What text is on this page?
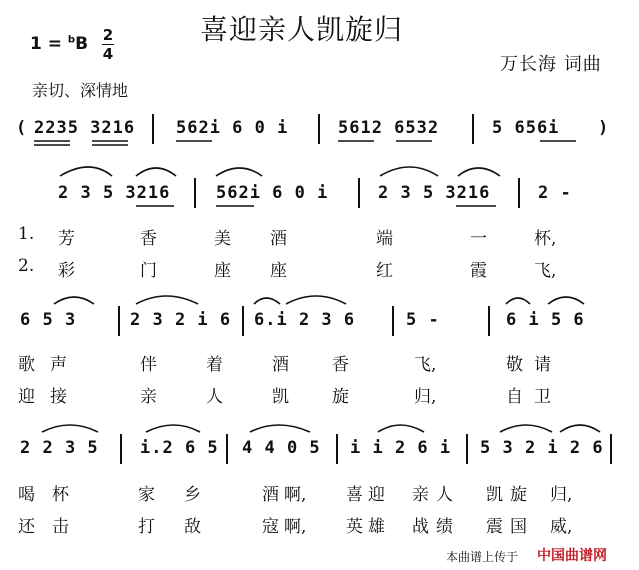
喜迎亲人凯旋归
1 = $^b$B 2
4
亲切、深情地
万长海 词曲
( 2235 3216 562i 6 0 i	5612 6532	5 656i )
2 3 5 3216	562i 6 0 i	2 3 5 3216	2 -
1. 芳	香	美 酒	端	一	杯,
2. 彩	门	座 座	红	霞	飞,
6 5 3	2 3 2 i 6 6.i 2 3 6	5 -	6 i 5 6
歌 声	伴	着	酒	香	飞,	敬 请
迎 接	亲	人	凯	旋	归,	自 卫
2 2 3 5 i.2 6 5 4 4 0 5 i i 2 6 i 5 3 2 i 2 6
喝 杯	家 乡	酒 啊, 喜 迎 亲 人 凯 旋 归,
还 击	打 敌	寇 啊, 英 雄 战 绩 震 国 威,
本曲谱上传于 中国曲谱网
